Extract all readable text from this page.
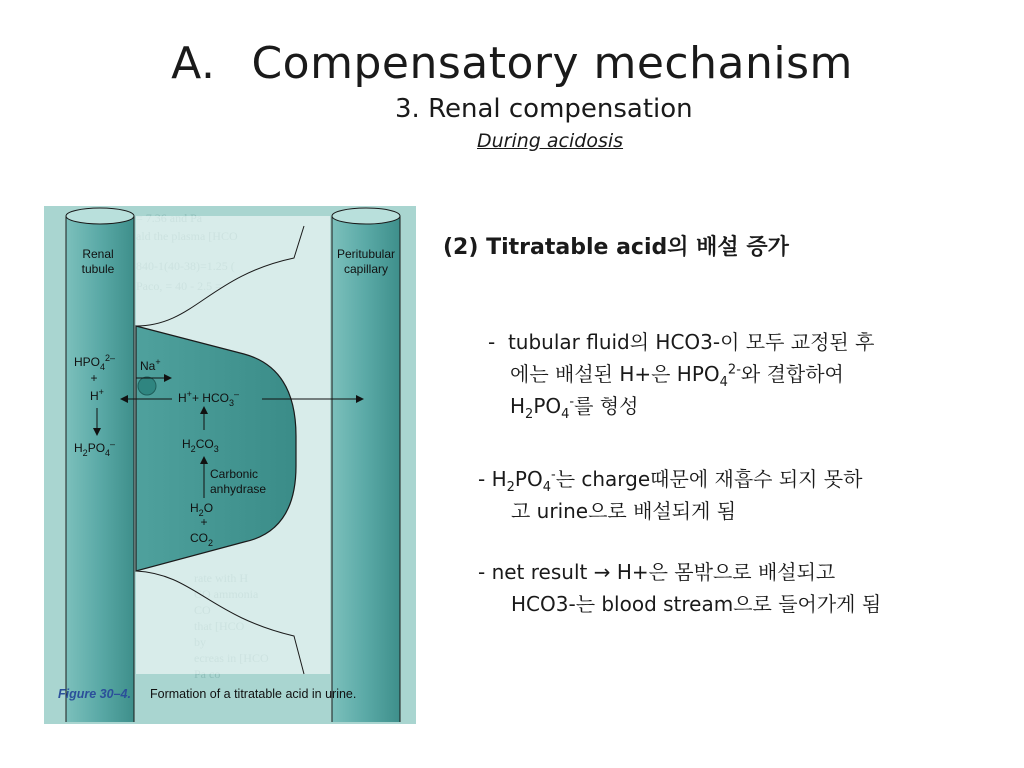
A. Compensatory mechanism
3. Renal compensation
During acidosis
Renal
tubule
Peritubular
capillary
$HPO_4^{2-}$
+
H+
$H_2PO_4^-$
Na+
$H^++ HCO_3^-$
$H_2CO_3$
Carbonic
anhydrase
$H_2O$
+
$CO_2$
Figure 30–4. Formation of a titratable acid in urine.
(2) Titratable acid의 배설 증가
- tubular fluid의 HCO3-이 모두 교정된 후
에는 배설된 H+은 $HPO_4^{2-}$와 결합하여
$H_2PO_4^-$를 형성
- $H_2PO_4^-$는 charge때문에 재흡수 되지 못하
고 urine으로 배설되게 됨
- net result → H+은 몸밖으로 배설되고
HCO3-는 blood stream으로 들어가게 됨
